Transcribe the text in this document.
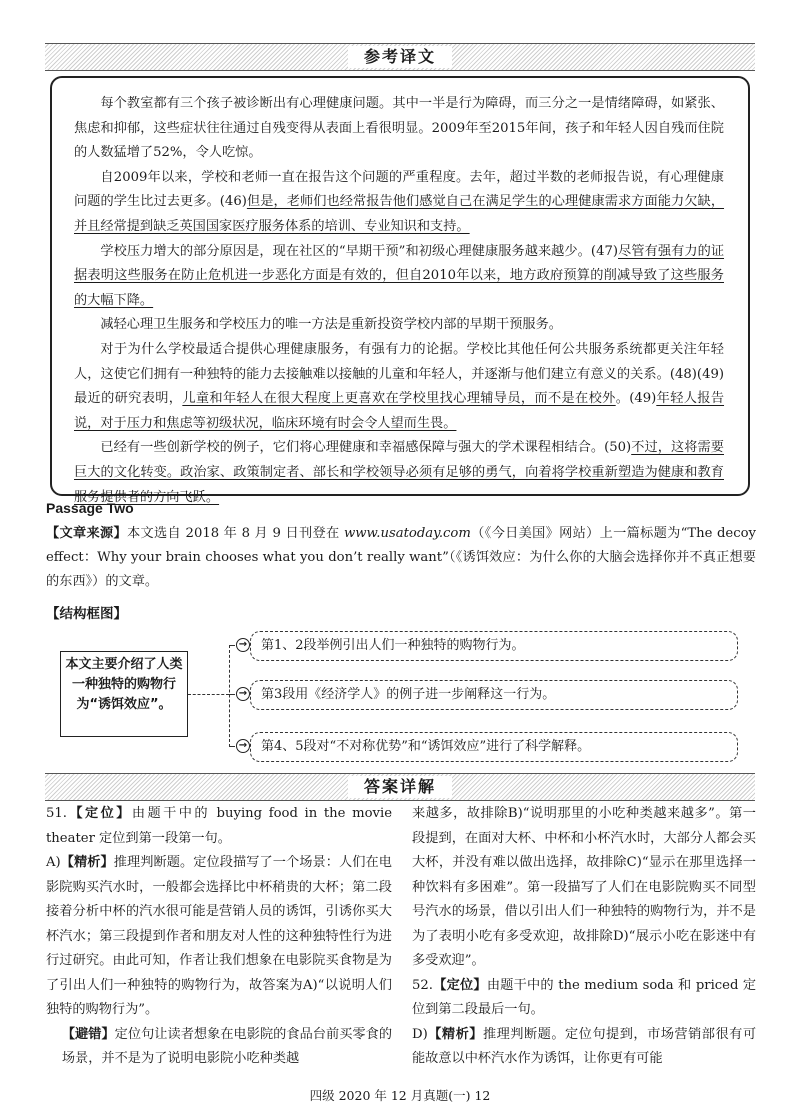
参考译文

每个教室都有三个孩子被诊断出有心理健康问题。其中一半是行为障碍，而三分之一是情绪障碍，如紧张、焦虑和抑郁，这些症状往往通过自残变得从表面上看很明显。2009年至2015年间，孩子和年轻人因自残而住院的人数猛增了52%，令人吃惊。

自2009年以来，学校和老师一直在报告这个问题的严重程度。去年，超过半数的老师报告说，有心理健康问题的学生比过去更多。(46)但是，老师们也经常报告他们感觉自己在满足学生的心理健康需求方面能力欠缺，并且经常提到缺乏英国国家医疗服务体系的培训、专业知识和支持。

学校压力增大的部分原因是，现在社区的“早期干预”和初级心理健康服务越来越少。(47)尽管有强有力的证据表明这些服务在防止危机进一步恶化方面是有效的，但自2010年以来，地方政府预算的削减导致了这些服务的大幅下降。

减轻心理卫生服务和学校压力的唯一方法是重新投资学校内部的早期干预服务。

对于为什么学校最适合提供心理健康服务，有强有力的论据。学校比其他任何公共服务系统都更关注年轻人，这使它们拥有一种独特的能力去接触难以接触的儿童和年轻人，并逐渐与他们建立有意义的关系。(48)(49)最近的研究表明，儿童和年轻人在很大程度上更喜欢在学校里找心理辅导员，而不是在校外。(49)年轻人报告说，对于压力和焦虑等初级状况，临床环境有时会令人望而生畏。

已经有一些创新学校的例子，它们将心理健康和幸福感保障与强大的学术课程相结合。(50)不过，这将需要巨大的文化转变。政治家、政策制定者、部长和学校领导必须有足够的勇气，向着将学校重新塑造为健康和教育服务提供者的方向飞跃。

Passage Two
【文章来源】本文选自 2018 年 8 月 9 日刊登在 www.usatoday.com（《今日美国》网站）上一篇标题为“The decoy effect：Why your brain chooses what you don’t really want”（《诱饵效应：为什么你的大脑会选择你并不真正想要的东西》）的文章。
【结构框图】
本文主要介绍了人类一种独特的购物行为“诱饵效应”。
→	第1、2段举例引出人们一种独特的购物行为。
→	第3段用《经济学人》的例子进一步阐释这一行为。
→	第4、5段对“不对称优势”和“诱饵效应”进行了科学解释。
答案详解

51.【定位】由题干中的 buying food in the movie theater 定位到第一段第一句。

A)【精析】推理判断题。定位段描写了一个场景：人们在电影院购买汽水时，一般都会选择比中杯稍贵的大杯；第二段接着分析中杯的汽水很可能是营销人员的诱饵，引诱你买大杯汽水；第三段提到作者和朋友对人性的这种独特性行为进行过研究。由此可知，作者让我们想象在电影院买食物是为了引出人们一种独特的购物行为，故答案为A)“以说明人们独特的购物行为”。

【避错】定位句让读者想象在电影院的食品台前买零食的场景，并不是为了说明电影院小吃种类越

来越多，故排除B)“说明那里的小吃种类越来越多”。第一段提到，在面对大杯、中杯和小杯汽水时，大部分人都会买大杯，并没有难以做出选择，故排除C)“显示在那里选择一种饮料有多困难”。第一段描写了人们在电影院购买不同型号汽水的场景，借以引出人们一种独特的购物行为，并不是为了表明小吃有多受欢迎，故排除D)“展示小吃在影迷中有多受欢迎”。

52.【定位】由题干中的 the medium soda 和 priced 定位到第二段最后一句。

D)【精析】推理判断题。定位句提到，市场营销部很有可能故意以中杯汽水作为诱饵，让你更有可能

四级 2020 年 12 月真题(一) 12
